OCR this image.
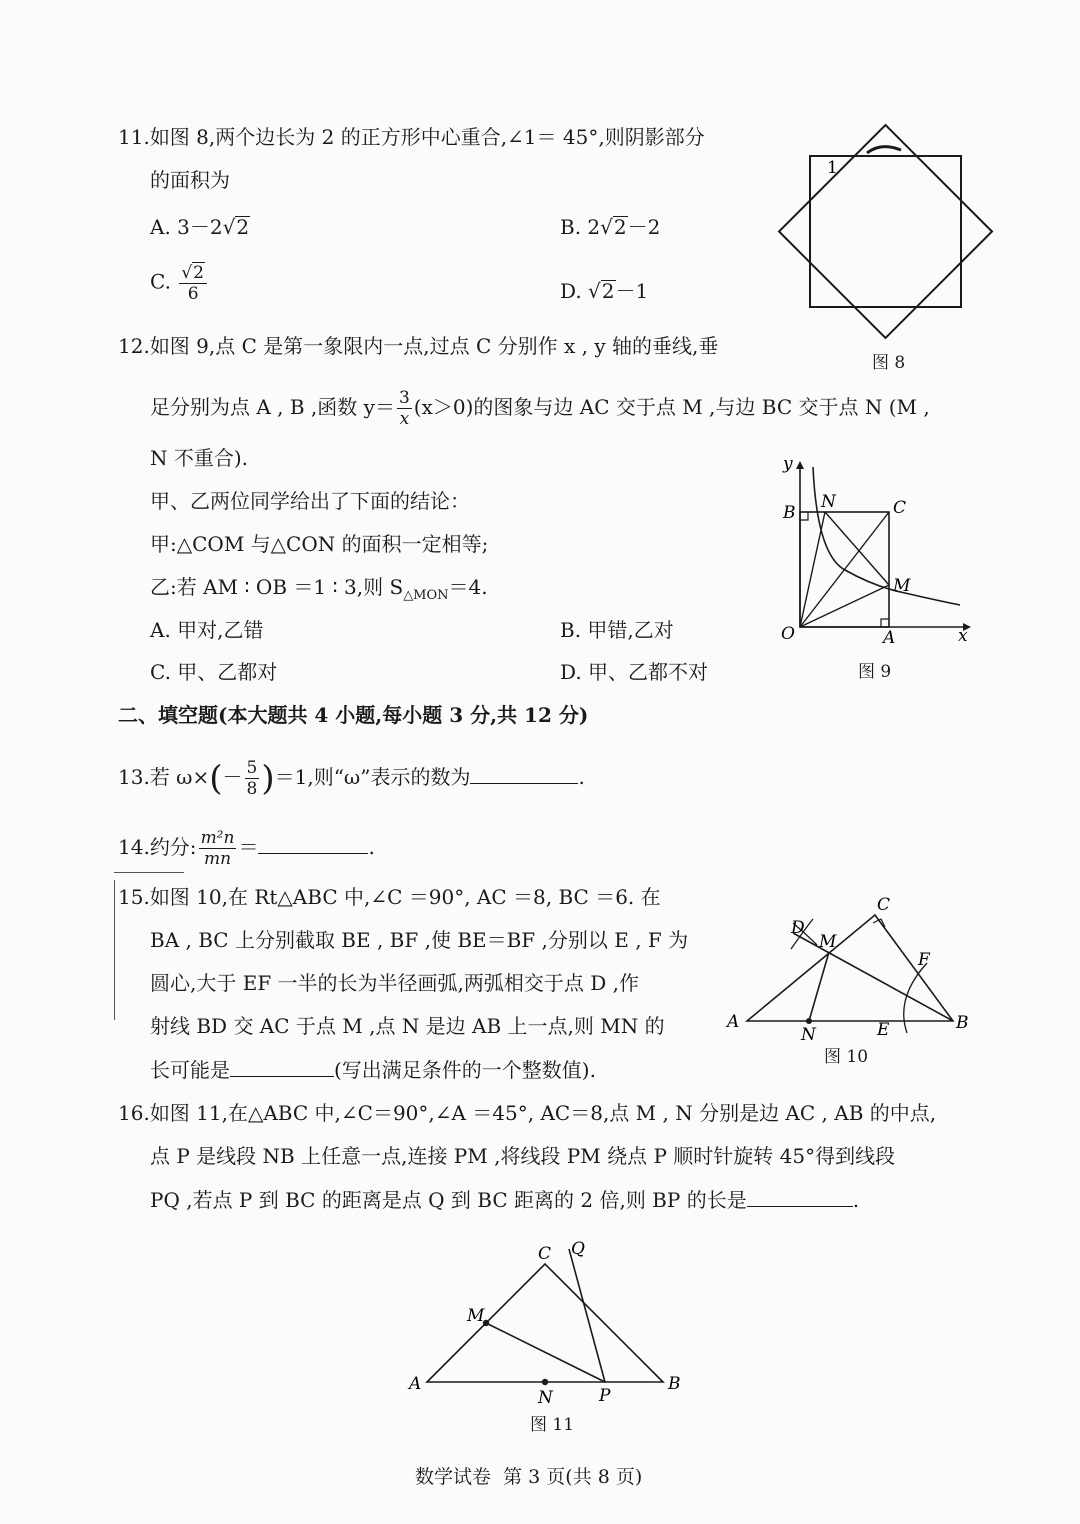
11.如图 8,两个边长为 2 的正方形中心重合,∠1＝ 45°,则阴影部分
的面积为
A. 3－2√2	B. 2√2－2
C. $\frac{√2}{6}$	D. √2－1
1
图 8
12.如图 9,点 C 是第一象限内一点,过点 C 分别作 x , y 轴的垂线,垂
足分别为点 A , B ,函数 $y= \frac{3}{x} (x>0)$的图象与边 AC 交于点 M ,与边 BC 交于点 N (M ,
N 不重合).
甲、乙两位同学给出了下面的结论：
甲:△COM 与△CON 的面积一定相等;
乙:若 AM ∶ OB ＝1 ∶ 3,则 $S_{\triangle MON}=4$.
A. 甲对,乙错	B. 甲错,乙对
C. 甲、乙都对	D. 甲、乙都不对
y
x
B
N	C
M
O	A
图 9
二、填空题(本大题共 4 小题,每小题 3 分,共 12 分)
13.若 $\omega\times(- \frac{5}{8} )=1$,则“ω”表示的数为	.
14.约分: $\frac{\text{m²n}}{mn}$ ＝	.
15.如图 10,在 Rt△ABC 中,∠C ＝90°, AC ＝8, BC ＝6. 在
BA , BC 上分别截取 BE , BF ,使 BE＝BF ,分别以 E , F 为
圆心,大于 EF 一半的长为半径画弧,两弧相交于点 D ,作
射线 BD 交 AC 于点 M ,点 N 是边 AB 上一点,则 MN 的
长可能是	(写出满足条件的一个整数值).
C
D
M
F
A
N	E	B
图 10
16.如图 11,在△ABC 中,∠C＝90°,∠A ＝45°, AC＝8,点 M , N 分别是边 AC , AB 的中点,
点 P 是线段 NB 上任意一点,连接 PM ,将线段 PM 绕点 P 顺时针旋转 45°得到线段
PQ ,若点 P 到 BC 的距离是点 Q 到 BC 距离的 2 倍,则 BP 的长是	.
C Q
M
A
N	P
B
图 11
数学试卷 第 3 页(共 8 页)
